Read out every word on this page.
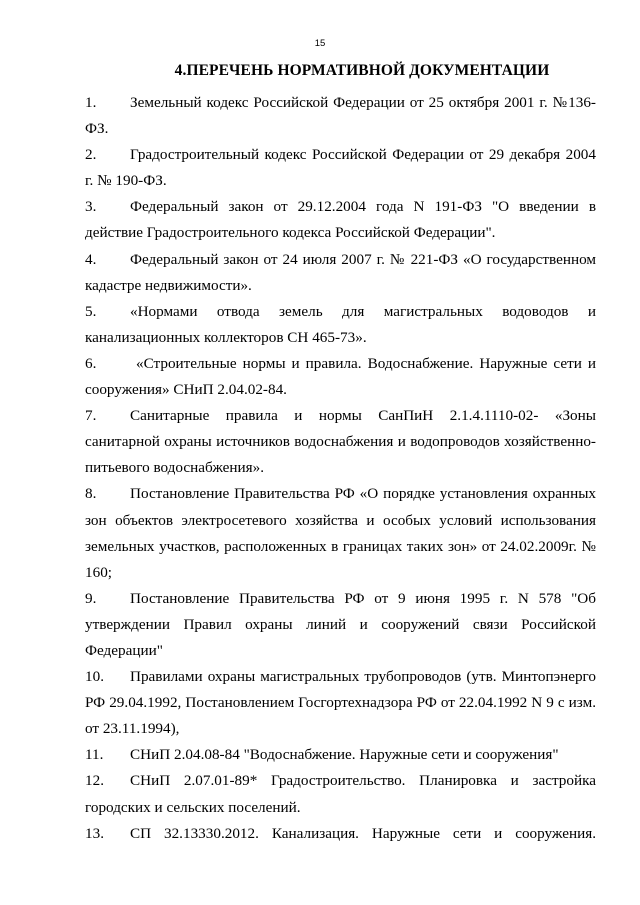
15
4.ПЕРЕЧЕНЬ НОРМАТИВНОЙ ДОКУМЕНТАЦИИ

1. Земельный кодекс Российской Федерации от 25 октября 2001 г. №136-ФЗ.

2. Градостроительный кодекс Российской Федерации от 29 декабря 2004 г. № 190-ФЗ.

3. Федеральный закон от 29.12.2004 года N 191-ФЗ "О введении в действие Градостроительного кодекса Российской Федерации".

4. Федеральный закон от 24 июля 2007 г. № 221-ФЗ «О государственном кадастре недвижимости».

5. «Нормами отвода земель для магистральных водоводов и канализационных коллекторов СН 465-73».

6. «Строительные нормы и правила. Водоснабжение. Наружные сети и сооружения» СНиП 2.04.02-84.

7. Санитарные правила и нормы СанПиН 2.1.4.1110-02- «Зоны санитарной охраны источников водоснабжения и водопроводов хозяйственно-питьевого водоснабжения».

8. Постановление Правительства РФ «О порядке установления охранных зон объектов электросетевого хозяйства и особых условий использования земельных участков, расположенных в границах таких зон» от 24.02.2009г. № 160;

9. Постановление Правительства РФ от 9 июня 1995 г. N 578 "Об утверждении Правил охраны линий и сооружений связи Российской Федерации"

10. Правилами охраны магистральных трубопроводов (утв. Минтопэнерго РФ 29.04.1992, Постановлением Госгортехнадзора РФ от 22.04.1992 N 9 с изм. от 23.11.1994),

11. СНиП 2.04.08-84 "Водоснабжение. Наружные сети и сооружения"

12. СНиП 2.07.01-89* Градостроительство. Планировка и застройка городских и сельских поселений.

13. СП 32.13330.2012. Канализация. Наружные сети и сооружения.
